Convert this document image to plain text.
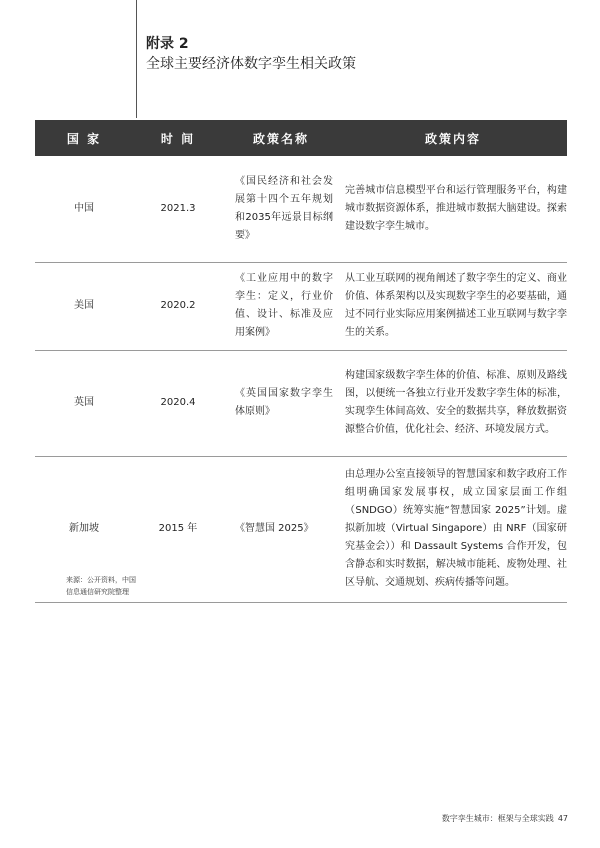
附录 2
全球主要经济体数字孪生相关政策
国 家	时 间	政策名称	政策内容
中国	2021.3	《国民经济和社会发展第十四个五年规划和2035年远景目标纲要》	完善城市信息模型平台和运行管理服务平台，构建城市数据资源体系，推进城市数据大脑建设。探索建设数字孪生城市。
美国	2020.2	《工业应用中的数字孪生：定义，行业价值、设计、标准及应用案例》	从工业互联网的视角阐述了数字孪生的定义、商业价值、体系架构以及实现数字孪生的必要基础，通过不同行业实际应用案例描述工业互联网与数字孪生的关系。
英国	2020.4	《英国国家数字孪生体原则》	构建国家级数字孪生体的价值、标准、原则及路线图，以便统一各独立行业开发数字孪生体的标准，实现孪生体间高效、安全的数据共享，释放数据资源整合价值，优化社会、经济、环境发展方式。
新加坡	2015 年	《智慧国 2025》	由总理办公室直接领导的智慧国家和数字政府工作组明确国家发展事权，成立国家层面工作组（SNDGO）统筹实施“智慧国家 2025”计划。虚拟新加坡（Virtual Singapore）由 NRF（国家研究基金会））和 Dassault Systems 合作开发，包含静态和实时数据，解决城市能耗、废物处理、社区导航、交通规划、疾病传播等问题。
来源：公开资料，中国
信息通信研究院整理
数字孪生城市：框架与全球实践 47
